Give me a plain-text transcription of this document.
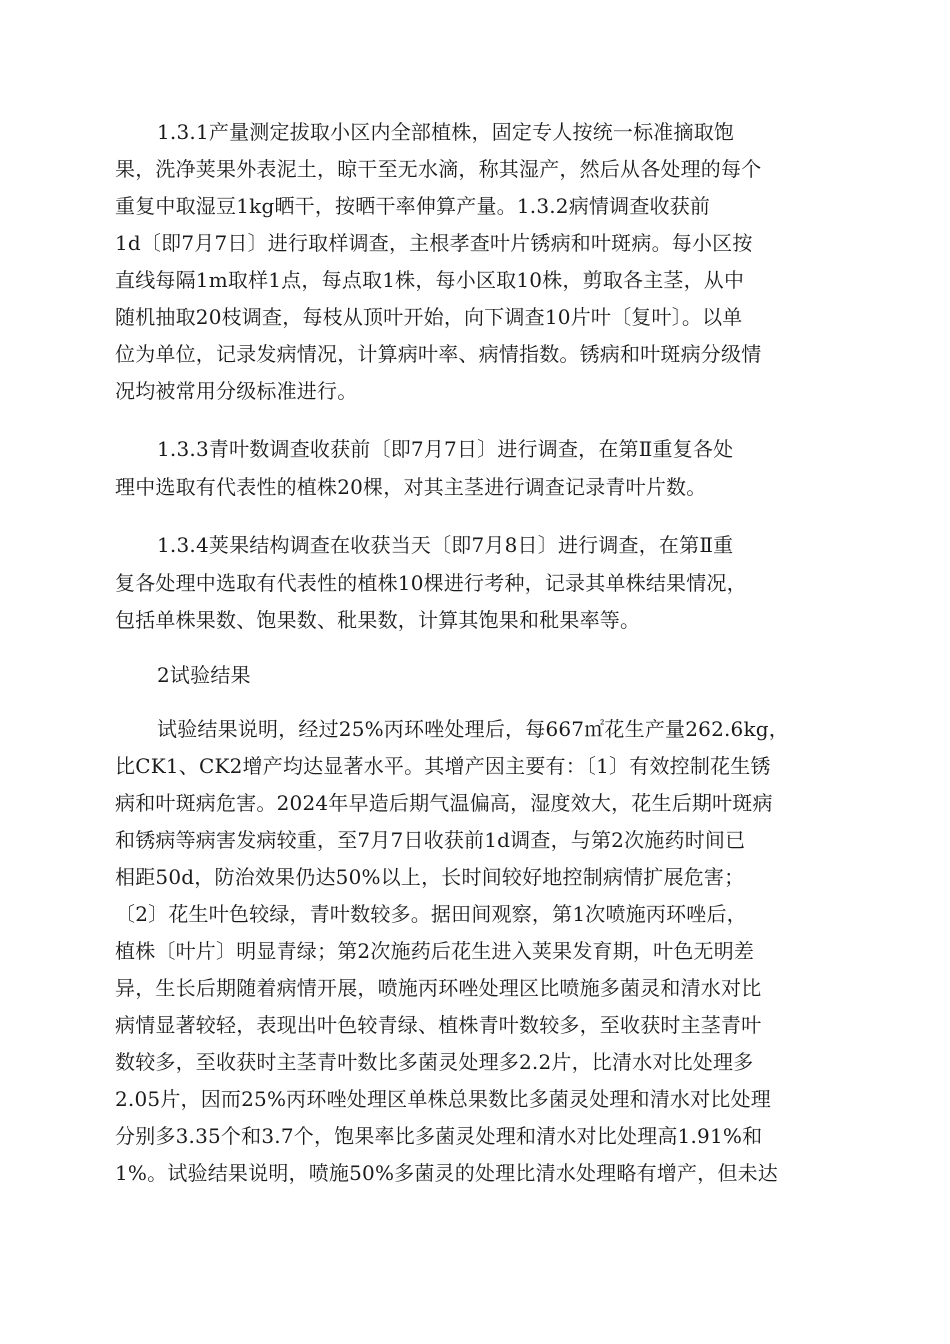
1.3.1产量测定拔取小区内全部植株，固定专人按统一标准摘取饱
果，洗净荚果外表泥土，晾干至无水滴，称其湿产，然后从各处理的每个
重复中取湿豆1kg晒干，按晒干率伸算产量。1.3.2病情调查收获前
1d〔即7月7日〕进行取样调查，主根孝查叶片锈病和叶斑病。每小区按
直线每隔1m取样1点，每点取1株，每小区取10株，剪取各主茎，从中
随机抽取20枝调查，每枝从顶叶开始，向下调查10片叶〔复叶〕。以单
位为单位，记录发病情况，计算病叶率、病情指数。锈病和叶斑病分级情
况均被常用分级标准进行。
1.3.3青叶数调查收获前〔即7月7日〕进行调查，在第Ⅱ重复各处
理中选取有代表性的植株20棵，对其主茎进行调查记录青叶片数。
1.3.4荚果结构调查在收获当天〔即7月8日〕进行调查，在第Ⅱ重
复各处理中选取有代表性的植株10棵进行考种，记录其单株结果情况，
包括单株果数、饱果数、秕果数，计算其饱果和秕果率等。
2试验结果
试验结果说明，经过25%丙环唑处理后，每667㎡花生产量262.6kg，
比CK1、CK2增产均达显著水平。其增产因主要有：〔1〕有效控制花生锈
病和叶斑病危害。2024年早造后期气温偏高，湿度效大，花生后期叶斑病
和锈病等病害发病较重，至7月7日收获前1d调查，与第2次施药时间已
相距50d，防治效果仍达50%以上，长时间较好地控制病情扩展危害；
〔2〕花生叶色较绿，青叶数较多。据田间观察，第1次喷施丙环唑后，
植株〔叶片〕明显青绿；第2次施药后花生进入荚果发育期，叶色无明差
异，生长后期随着病情开展，喷施丙环唑处理区比喷施多菌灵和清水对比
病情显著较轻，表现出叶色较青绿、植株青叶数较多，至收获时主茎青叶
数较多，至收获时主茎青叶数比多菌灵处理多2.2片，比清水对比处理多
2.05片，因而25%丙环唑处理区单株总果数比多菌灵处理和清水对比处理
分别多3.35个和3.7个，饱果率比多菌灵处理和清水对比处理高1.91%和
1%。试验结果说明，喷施50%多菌灵的处理比清水处理略有增产，但未达
